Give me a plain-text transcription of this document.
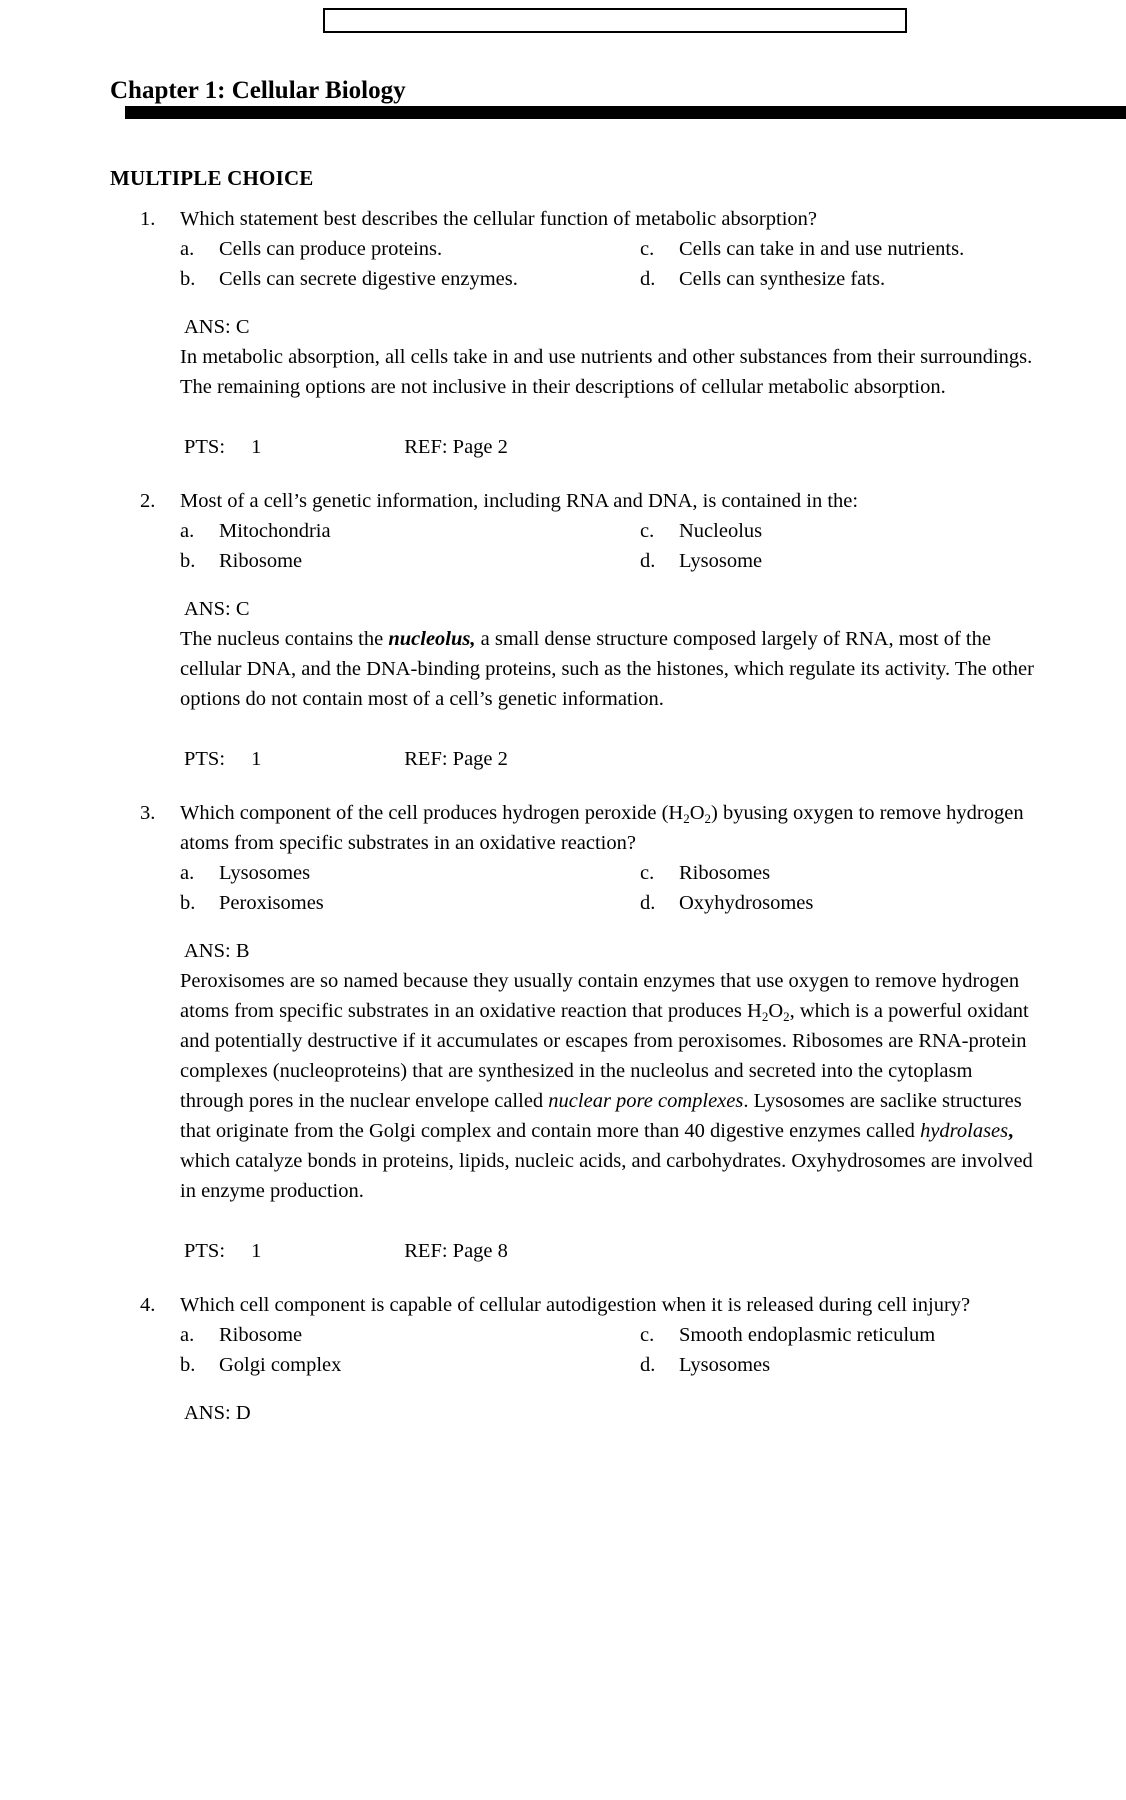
Chapter 1: Cellular Biology
MULTIPLE CHOICE
1.	Which statement best describes the cellular function of metabolic absorption?
a.	Cells can produce proteins.
b.	Cells can secrete digestive enzymes.
c.	Cells can take in and use nutrients.
d.	Cells can synthesize fats.
ANS: C
In metabolic absorption, all cells take in and use nutrients and other substances from their surroundings. The remaining options are not inclusive in their descriptions of cellular metabolic absorption.
PTS: 1	REF: Page 2
2.	Most of a cell’s genetic information, including RNA and DNA, is contained in the:
a.	Mitochondria
b.	Ribosome
c.	Nucleolus
d.	Lysosome
ANS: C
The nucleus contains the nucleolus, a small dense structure composed largely of RNA, most of the cellular DNA, and the DNA-binding proteins, such as the histones, which regulate its activity. The other options do not contain most of a cell’s genetic information.
PTS: 1	REF: Page 2
3.	Which component of the cell produces hydrogen peroxide (H2O2) byusing oxygen to remove hydrogen atoms from specific substrates in an oxidative reaction?
a.	Lysosomes
b.	Peroxisomes
c.	Ribosomes
d.	Oxyhydrosomes
ANS: B
Peroxisomes are so named because they usually contain enzymes that use oxygen to remove hydrogen atoms from specific substrates in an oxidative reaction that produces H2O2, which is a powerful oxidant and potentially destructive if it accumulates or escapes from peroxisomes. Ribosomes are RNA-protein complexes (nucleoproteins) that are synthesized in the nucleolus and secreted into the cytoplasm through pores in the nuclear envelope called nuclear pore complexes. Lysosomes are saclike structures that originate from the Golgi complex and contain more than 40 digestive enzymes called hydrolases, which catalyze bonds in proteins, lipids, nucleic acids, and carbohydrates. Oxyhydrosomes are involved in enzyme production.
PTS: 1	REF: Page 8
4.	Which cell component is capable of cellular autodigestion when it is released during cell injury?
a.	Ribosome
b.	Golgi complex
c.	Smooth endoplasmic reticulum
d.	Lysosomes
ANS: D
